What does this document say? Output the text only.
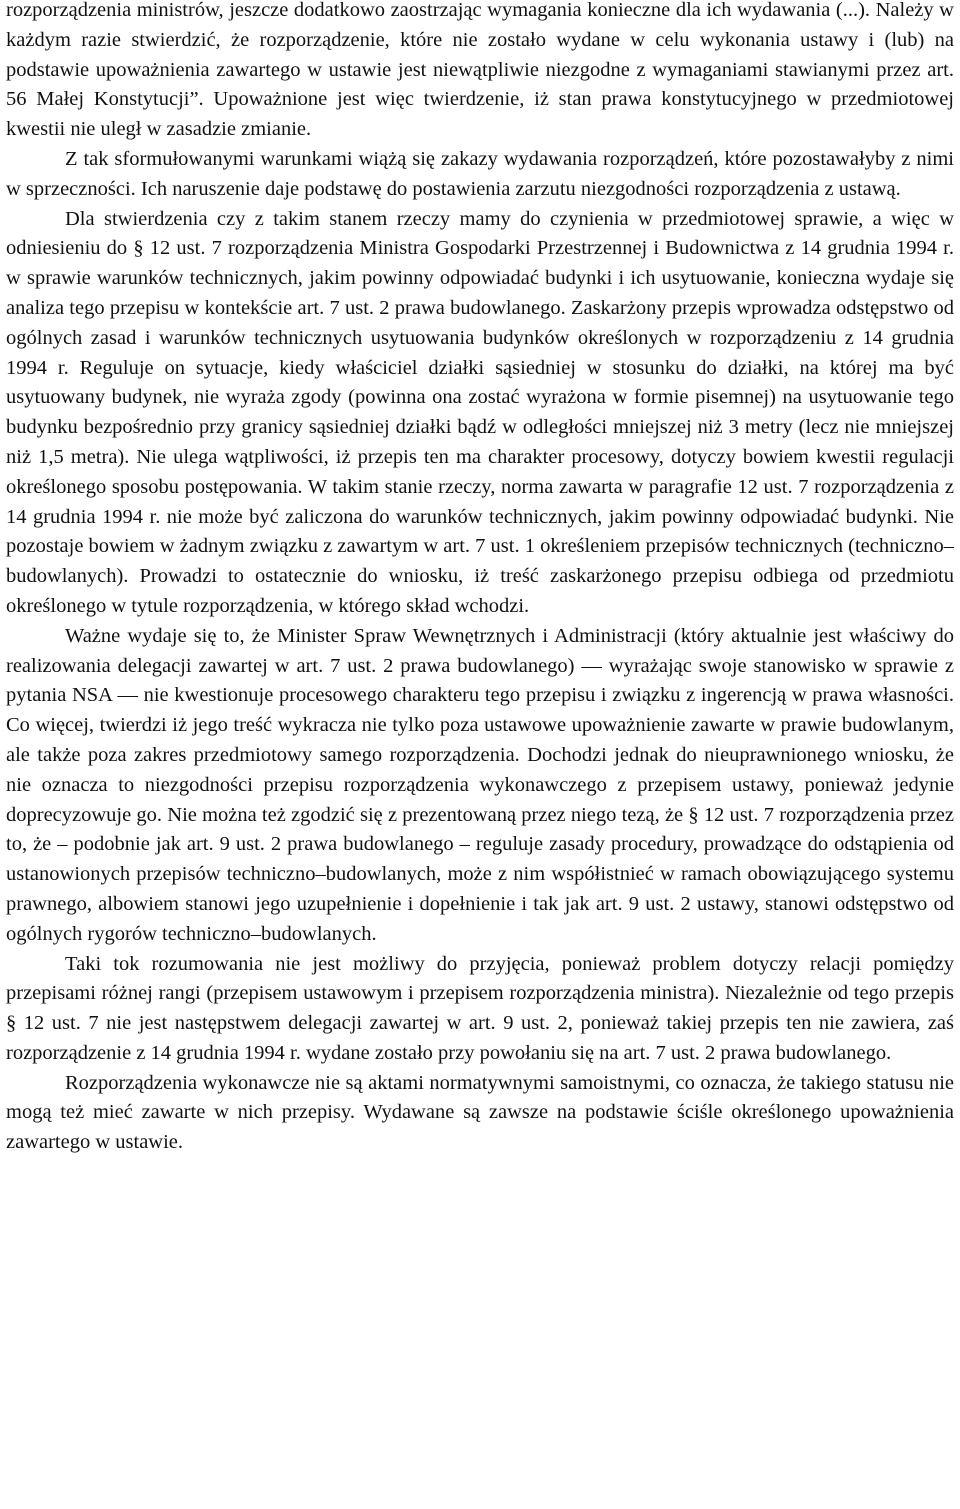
rozporządzenia ministrów, jeszcze dodatkowo zaostrzając wymagania konieczne dla ich wydawania (...). Należy w każdym razie stwierdzić, że rozporządzenie, które nie zostało wydane w celu wykonania ustawy i (lub) na podstawie upoważnienia zawartego w ustawie jest niewątpliwie niezgodne z wymaganiami stawianymi przez art. 56 Małej Konstytucji”. Upoważnione jest więc twierdzenie, iż stan prawa konstytucyjnego w przedmiotowej kwestii nie uległ w zasadzie zmianie.

Z tak sformułowanymi warunkami wiążą się zakazy wydawania rozporządzeń, które pozostawałyby z nimi w sprzeczności. Ich naruszenie daje podstawę do postawienia zarzutu niezgodności rozporządzenia z ustawą.

Dla stwierdzenia czy z takim stanem rzeczy mamy do czynienia w przedmiotowej sprawie, a więc w odniesieniu do § 12 ust. 7 rozporządzenia Ministra Gospodarki Przestrzennej i Budownictwa z 14 grudnia 1994 r. w sprawie warunków technicznych, jakim powinny odpowiadać budynki i ich usytuowanie, konieczna wydaje się analiza tego przepisu w kontekście art. 7 ust. 2 prawa budowlanego. Zaskarżony przepis wprowadza odstępstwo od ogólnych zasad i warunków technicznych usytuowania budynków określonych w rozporządzeniu z 14 grudnia 1994 r. Reguluje on sytuacje, kiedy właściciel działki sąsiedniej w stosunku do działki, na której ma być usytuowany budynek, nie wyraża zgody (powinna ona zostać wyrażona w formie pisemnej) na usytuowanie tego budynku bezpośrednio przy granicy sąsiedniej działki bądź w odległości mniejszej niż 3 metry (lecz nie mniejszej niż 1,5 metra). Nie ulega wątpliwości, iż przepis ten ma charakter procesowy, dotyczy bowiem kwestii regulacji określonego sposobu postępowania. W takim stanie rzeczy, norma zawarta w paragrafie 12 ust. 7 rozporządzenia z 14 grudnia 1994 r. nie może być zaliczona do warunków technicznych, jakim powinny odpowiadać budynki. Nie pozostaje bowiem w żadnym związku z zawartym w art. 7 ust. 1 określeniem przepisów technicznych (techniczno–budowlanych). Prowadzi to ostatecznie do wniosku, iż treść zaskarżonego przepisu odbiega od przedmiotu określonego w tytule rozporządzenia, w którego skład wchodzi.

Ważne wydaje się to, że Minister Spraw Wewnętrznych i Administracji (który aktualnie jest właściwy do realizowania delegacji zawartej w art. 7 ust. 2 prawa budowlanego) — wyrażając swoje stanowisko w sprawie z pytania NSA — nie kwestionuje procesowego charakteru tego przepisu i związku z ingerencją w prawa własności. Co więcej, twierdzi iż jego treść wykracza nie tylko poza ustawowe upoważnienie zawarte w prawie budowlanym, ale także poza zakres przedmiotowy samego rozporządzenia. Dochodzi jednak do nieuprawnionego wniosku, że nie oznacza to niezgodności przepisu rozporządzenia wykonawczego z przepisem ustawy, ponieważ jedynie doprecyzowuje go. Nie można też zgodzić się z prezentowaną przez niego tezą, że § 12 ust. 7 rozporządzenia przez to, że – podobnie jak art. 9 ust. 2 prawa budowlanego – reguluje zasady procedury, prowadzące do odstąpienia od ustanowionych przepisów techniczno–budowlanych, może z nim współistnieć w ramach obowiązującego systemu prawnego, albowiem stanowi jego uzupełnienie i dopełnienie i tak jak art. 9 ust. 2 ustawy, stanowi odstępstwo od ogólnych rygorów techniczno–budowlanych.

Taki tok rozumowania nie jest możliwy do przyjęcia, ponieważ problem dotyczy relacji pomiędzy przepisami różnej rangi (przepisem ustawowym i przepisem rozporządzenia ministra). Niezależnie od tego przepis § 12 ust. 7 nie jest następstwem delegacji zawartej w art. 9 ust. 2, ponieważ takiej przepis ten nie zawiera, zaś rozporządzenie z 14 grudnia 1994 r. wydane zostało przy powołaniu się na art. 7 ust. 2 prawa budowlanego.

Rozporządzenia wykonawcze nie są aktami normatywnymi samoistnymi, co oznacza, że takiego statusu nie mogą też mieć zawarte w nich przepisy. Wydawane są zawsze na podstawie ściśle określonego upoważnienia zawartego w ustawie.
